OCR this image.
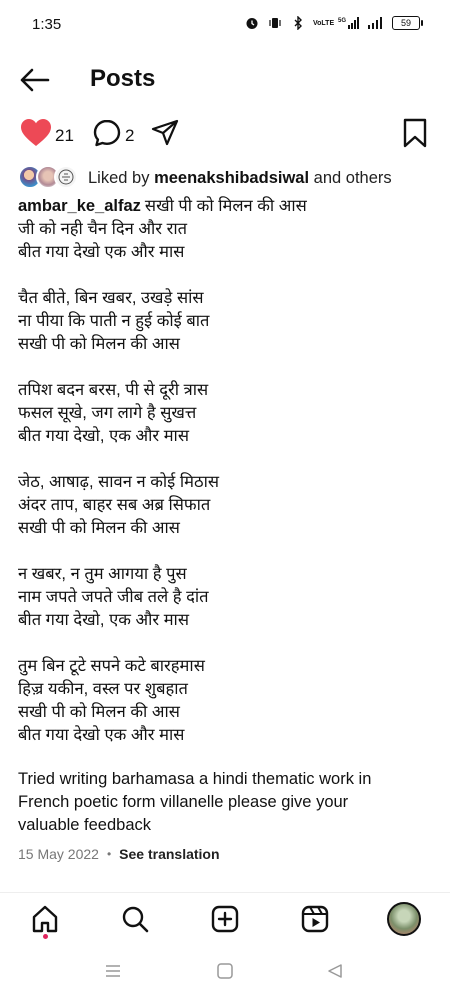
1:35	VoLTE 5G	59
Posts
21	2
Liked by meenakshibadsiwal and others
ambar_ke_alfaz सखी पी को मिलन की आस
जी को नही चैन दिन और रात
बीत गया देखो एक और मास
चैत बीते, बिन खबर, उखड़े सांस
ना पीया कि पाती न हुई कोई बात
सखी पी को मिलन की आस
तपिश बदन बरस, पी से दूरी त्रास
फसल सूखे, जग लागे है सुखत्त
बीत गया देखो, एक और मास
जेठ, आषाढ़, सावन न कोई मिठास
अंदर ताप, बाहर सब अब्र सिफात
सखी पी को मिलन की आस
न खबर, न तुम आगया है पुस
नाम जपते जपते जीब तले है दांत
बीत गया देखो, एक और मास
तुम बिन टूटे सपने कटे बारहमास
हिज़्र यकीन, वस्ल पर शुबहात
सखी पी को मिलन की आस
बीत गया देखो एक और मास
Tried writing barhamasa a hindi thematic work in
French poetic form villanelle please give your
valuable feedback
15 May 2022 • See translation
